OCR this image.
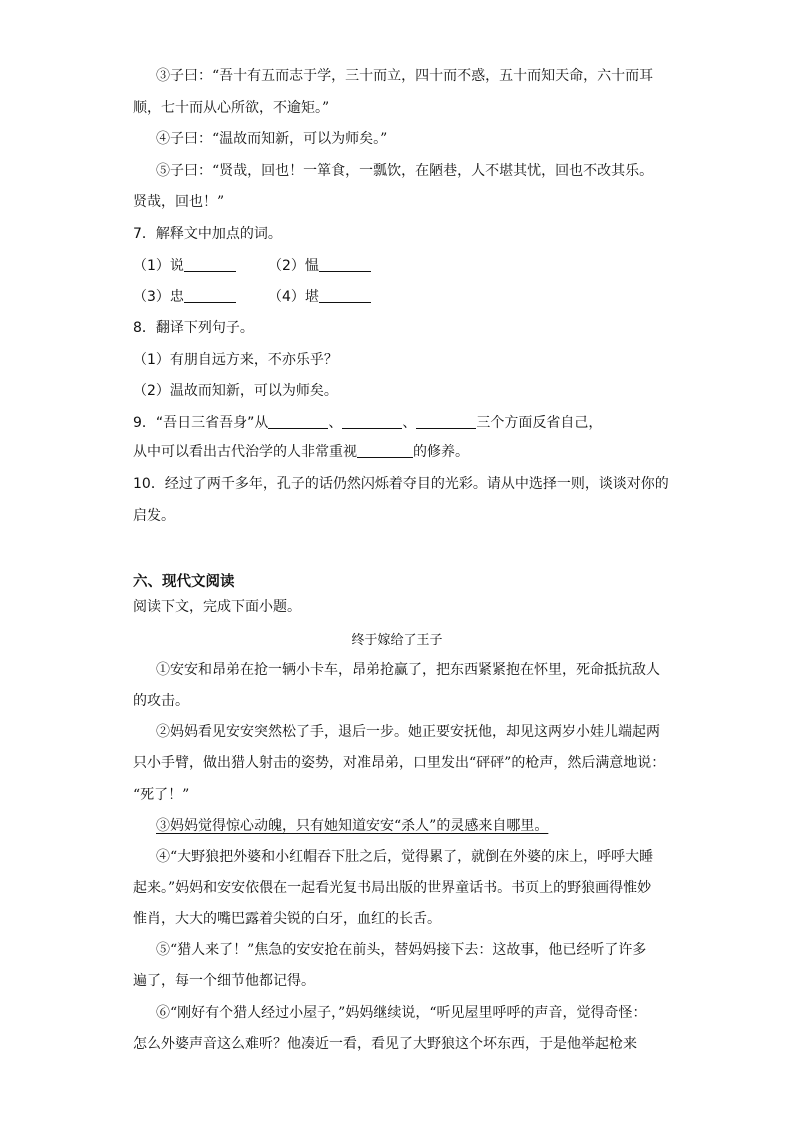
③子曰：“吾十有五而志于学，三十而立，四十而不惑，五十而知天命，六十而耳
顺，七十而从心所欲，不逾矩。”
④子曰：“温故而知新，可以为师矣。”
⑤子曰：“贤哉，回也！一箪食，一瓢饮，在陋巷，人不堪其忧，回也不改其乐。
贤哉，回也！”
7．解释文中加点的词。
（1）说	（2）愠
（3）忠	（4）堪
8．翻译下列句子。
（1）有朋自远方来，不亦乐乎？
（2）温故而知新，可以为师矣。
9．“吾日三省吾身”从	、	、	三个方面反省自己，
从中可以看出古代治学的人非常重视	的修养。
10．经过了两千多年，孔子的话仍然闪烁着夺目的光彩。请从中选择一则，谈谈对你的
启发。
六、现代文阅读
阅读下文，完成下面小题。
终于嫁给了王子
①安安和昂弟在抢一辆小卡车，昂弟抢赢了，把东西紧紧抱在怀里，死命抵抗敌人
的攻击。
②妈妈看见安安突然松了手，退后一步。她正要安抚他，却见这两岁小娃儿端起两
只小手臂，做出猎人射击的姿势，对准昂弟，口里发出“砰砰”的枪声，然后满意地说：
“死了！”
③妈妈觉得惊心动魄，只有她知道安安“杀人”的灵感来自哪里。
④“大野狼把外婆和小红帽吞下肚之后，觉得累了，就倒在外婆的床上，呼呼大睡
起来。”妈妈和安安依偎在一起看光复书局出版的世界童话书。书页上的野狼画得惟妙
惟肖，大大的嘴巴露着尖锐的白牙，血红的长舌。
⑤“猎人来了！”焦急的安安抢在前头，替妈妈接下去：这故事，他已经听了许多
遍了，每一个细节他都记得。
⑥“刚好有个猎人经过小屋子，”妈妈继续说，“听见屋里呼呼的声音，觉得奇怪：
怎么外婆声音这么难听？他凑近一看，看见了大野狼这个坏东西，于是他举起枪来
